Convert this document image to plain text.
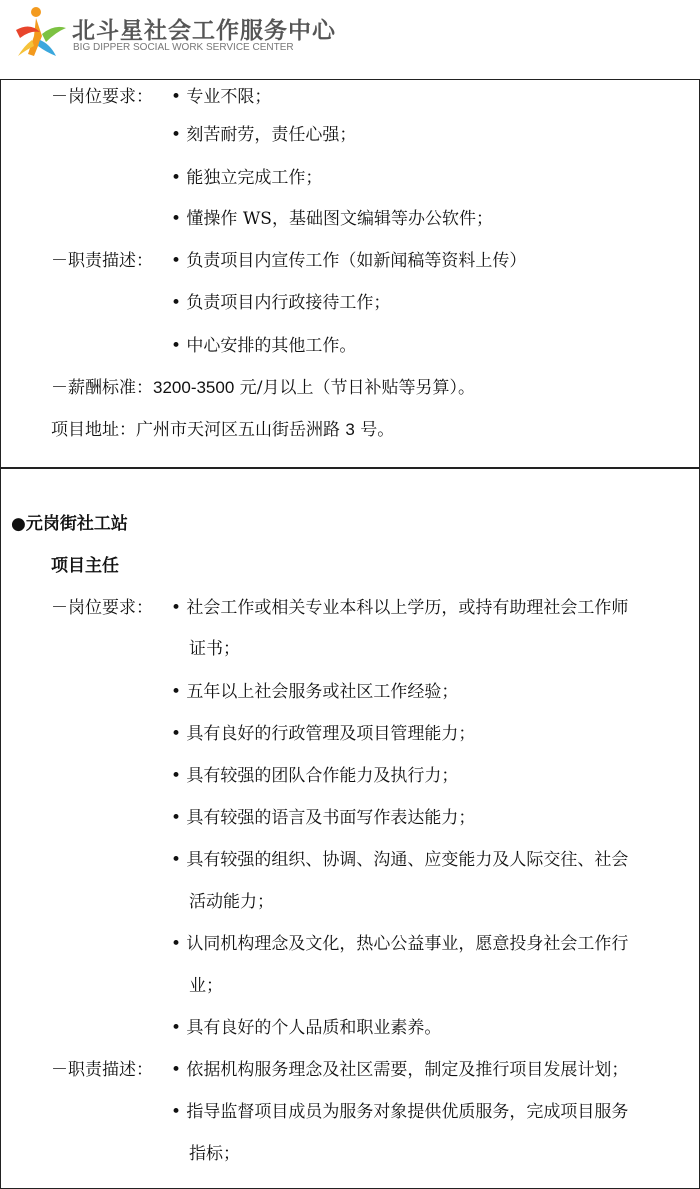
北斗星社会工作服务中心
BIG DIPPER SOCIAL WORK SERVICE CENTER
－岗位要求： • 专业不限；
• 刻苦耐劳，责任心强；
• 能独立完成工作；
• 懂操作 WS，基础图文编辑等办公软件；
－职责描述： • 负责项目内宣传工作（如新闻稿等资料上传）
• 负责项目内行政接待工作；
• 中心安排的其他工作。
－薪酬标准：3200-3500 元/月以上（节日补贴等另算）。
项目地址：广州市天河区五山街岳洲路 3 号。
●元岗街社工站
项目主任
－岗位要求： • 社会工作或相关专业本科以上学历，或持有助理社会工作师
证书；
• 五年以上社会服务或社区工作经验；
• 具有良好的行政管理及项目管理能力；
• 具有较强的团队合作能力及执行力；
• 具有较强的语言及书面写作表达能力；
• 具有较强的组织、协调、沟通、应变能力及人际交往、社会
活动能力；
• 认同机构理念及文化，热心公益事业，愿意投身社会工作行
业；
• 具有良好的个人品质和职业素养。
－职责描述： • 依据机构服务理念及社区需要，制定及推行项目发展计划；
• 指导监督项目成员为服务对象提供优质服务，完成项目服务
指标；
